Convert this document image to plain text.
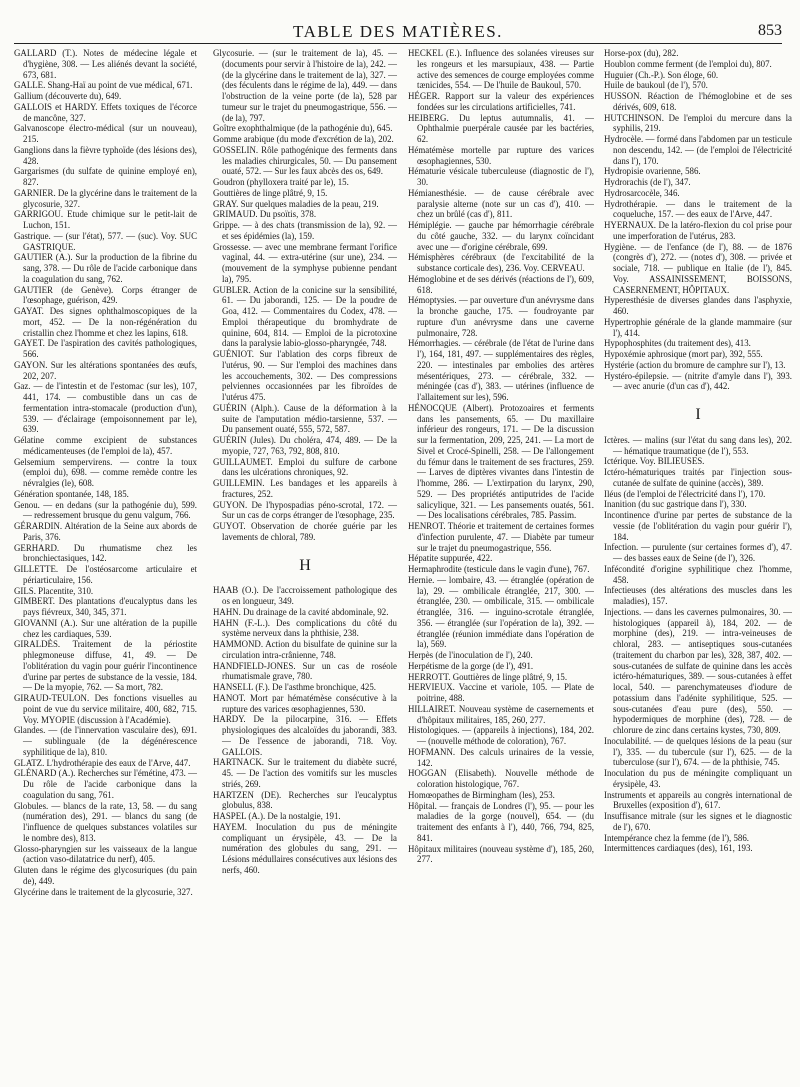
TABLE DES MATIÈRES.	853

GALLARD (T.). Notes de médecine légale et d'hygiène, 308. — Les aliénés devant la société, 673, 681.

GALLE. Shang-Haï au point de vue médical, 671.

Gallium (découverte du), 649.

GALLOIS et HARDY. Effets toxiques de l'écorce de mancône, 327.

Galvanoscope électro-médical (sur un nouveau), 215.

Ganglions dans la fièvre typhoïde (des lésions des), 428.

Gargarismes (du sulfate de quinine employé en), 827.

GARNIER. De la glycérine dans le traitement de la glycosurie, 327.

GARRIGOU. Etude chimique sur le petit-lait de Luchon, 151.

Gastrique. — (sur l'état), 577. — (suc). Voy. SUC GASTRIQUE.

GAUTIER (A.). Sur la production de la fibrine du sang, 378. — Du rôle de l'acide carbonique dans la coagulation du sang, 762.

GAUTIER (de Genève). Corps étranger de l'œsophage, guérison, 429.

GAYAT. Des signes ophthalmoscopiques de la mort, 452. — De la non-régénération du cristallin chez l'homme et chez les lapins, 618.

GAYET. De l'aspiration des cavités pathologiques, 566.

GAYON. Sur les altérations spontanées des œufs, 202, 207.

Gaz. — de l'intestin et de l'estomac (sur les), 107, 441, 174. — combustible dans un cas de fermentation intra-stomacale (production d'un), 539. — d'éclairage (empoisonnement par le), 639.

Gélatine comme excipient de substances médicamenteuses (de l'emploi de la), 457.

Gelsemium sempervirens. — contre la toux (emploi du), 698. — comme remède contre les névralgies (le), 608.

Génération spontanée, 148, 185.

Genou. — en dedans (sur la pathogénie du), 599. — redressement brusque du genu valgum, 766.

GÉRARDIN. Altération de la Seine aux abords de Paris, 376.

GERHARD. Du rhumatisme chez les bronchiectasiques, 142.

GILLETTE. De l'ostéosarcome articulaire et périarticulaire, 156.

GILS. Placentite, 310.

GIMBERT. Des plantations d'eucalyptus dans les pays fiévreux, 340, 345, 371.

GIOVANNI (A.). Sur une altération de la pupille chez les cardiaques, 539.

GIRALDÈS. Traitement de la périostite phlegmoneuse diffuse, 41, 49. — De l'oblitération du vagin pour guérir l'incontinence d'urine par pertes de substance de la vessie, 184. — De la myopie, 762. — Sa mort, 782.

GIRAUD-TEULON. Des fonctions visuelles au point de vue du service militaire, 400, 682, 715. Voy. MYOPIE (discussion à l'Académie).

Glandes. — (de l'innervation vasculaire des), 691. — sublinguale (de la dégénérescence syphilitique de la), 810.

GLATZ. L'hydrothérapie des eaux de l'Arve, 447.

GLÉNARD (A.). Recherches sur l'émétine, 473. — Du rôle de l'acide carbonique dans la coagulation du sang, 761.

Globules. — blancs de la rate, 13, 58. — du sang (numération des), 291. — blancs du sang (de l'influence de quelques substances volatiles sur le nombre des), 813.

Glosso-pharyngien sur les vaisseaux de la langue (action vaso-dilatatrice du nerf), 405.

Gluten dans le régime des glycosuriques (du pain de), 449.

Glycérine dans le traitement de la glycosurie, 327.

Glycosurie. — (sur le traitement de la), 45. — (documents pour servir à l'histoire de la), 242. — (de la glycérine dans le traitement de la), 327. — (des féculents dans le régime de la), 449. — dans l'obstruction de la veine porte (de la), 528 par tumeur sur le trajet du pneumogastrique, 556. — (de la), 797.

Goître exophthalmique (de la pathogénie du), 645.

Gomme arabique (du mode d'excrétion de la), 202.

GOSSELIN. Rôle pathogénique des ferments dans les maladies chirurgicales, 50. — Du pansement ouaté, 572. — Sur les faux abcès des os, 649.

Goudron (phylloxera traité par le), 15.

Gouttières de linge plâtré, 9, 15.

GRAY. Sur quelques maladies de la peau, 219.

GRIMAUD. Du psoïtis, 378.

Grippe. — à des chats (transmission de la), 92. — et ses épidémies (la), 159.

Grossesse. — avec une membrane fermant l'orifice vaginal, 44. — extra-utérine (sur une), 234. — (mouvement de la symphyse pubienne pendant la), 795.

GUBLER. Action de la conicine sur la sensibilité, 61. — Du jaborandi, 125. — De la poudre de Goa, 412. — Commentaires du Codex, 478. — Emploi thérapeutique du bromhydrate de quinine, 604, 814. — Emploi de la picrotoxine dans la paralysie labio-glosso-pharyngée, 748.

GUÉNIOT. Sur l'ablation des corps fibreux de l'utérus, 90. — Sur l'emploi des machines dans les accouchements, 302. — Des compressions pelviennes occasionnées par les fibroïdes de l'utérus 475.

GUÉRIN (Alph.). Cause de la déformation à la suite de l'amputation médio-tarsienne, 537. — Du pansement ouaté, 555, 572, 587.

GUÉRIN (Jules). Du choléra, 474, 489. — De la myopie, 727, 763, 792, 808, 810.

GUILLAUMET. Emploi du sulfure de carbone dans les ulcérations chroniques, 92.

GUILLEMIN. Les bandages et les appareils à fractures, 252.

GUYON. De l'hypospadias péno-scrotal, 172. — Sur un cas de corps étranger de l'œsophage, 235.

GUYOT. Observation de chorée guérie par les lavements de chloral, 789.

H

HAAB (O.). De l'accroissement pathologique des os en longueur, 349.

HAHN. Du drainage de la cavité abdominale, 92.

HAHN (F.-L.). Des complications du côté du système nerveux dans la phthisie, 238.

HAMMOND. Action du bisulfate de quinine sur la circulation intra-crânienne, 748.

HANDFIELD-JONES. Sur un cas de roséole rhumatismale grave, 780.

HANSELL (F.). De l'asthme bronchique, 425.

HANOT. Mort par hématémèse consécutive à la rupture des varices œsophagiennes, 530.

HARDY. De la pilocarpine, 316. — Effets physiologiques des alcaloïdes du jaborandi, 383. — De l'essence de jaborandi, 718. Voy. GALLOIS.

HARTNACK. Sur le traitement du diabète sucré, 45. — De l'action des vomitifs sur les muscles striés, 269.

HARTZEN (DE). Recherches sur l'eucalyptus globulus, 838.

HASPEL (A.). De la nostalgie, 191.

HAYEM. Inoculation du pus de méningite compliquant un érysipèle, 43. — De la numération des globules du sang, 291. — Lésions médullaires consécutives aux lésions des nerfs, 460.

HECKEL (E.). Influence des solanées vireuses sur les rongeurs et les marsupiaux, 438. — Partie active des semences de courge employées comme tænicides, 554. — De l'huile de Baukoul, 570.

HÉGER. Rapport sur la valeur des expériences fondées sur les circulations artificielles, 741.

HEIBERG. Du leptus autumnalis, 41. — Ophthalmie puerpérale causée par les bactéries, 62.

Hématémèse mortelle par rupture des varices œsophagiennes, 530.

Hématurie vésicale tuberculeuse (diagnostic de l'), 30.

Hémianesthésie. — de cause cérébrale avec paralysie alterne (note sur un cas d'), 410. — chez un brûlé (cas d'), 811.

Hémiplégie. — gauche par hémorrhagie cérébrale du côté gauche, 332. — du larynx coïncidant avec une — d'origine cérébrale, 699.

Hémisphères cérébraux (de l'excitabilité de la substance corticale des), 236. Voy. CERVEAU.

Hémoglobine et de ses dérivés (réactions de l'), 609, 618.

Hémoptysies. — par ouverture d'un anévrysme dans la bronche gauche, 175. — foudroyante par rupture d'un anévrysme dans une caverne pulmonaire, 728.

Hémorrhagies. — cérébrale (de l'état de l'urine dans l'), 164, 181, 497. — supplémentaires des règles, 220. — intestinales par embolies des artères mésentériques, 273. — cérébrale, 332. — méningée (cas d'), 383. — utérines (influence de l'allaitement sur les), 596.

HÉNOCQUE (Albert). Protozoaires et ferments dans les pansements, 65. — Du maxillaire inférieur des rongeurs, 171. — De la discussion sur la fermentation, 209, 225, 241. — La mort de Sivel et Crocé-Spinelli, 258. — De l'allongement du fémur dans le traitement de ses fractures, 259. — Larves de diptères vivantes dans l'intestin de l'homme, 286. — L'extirpation du larynx, 290, 529. — Des propriétés antiputrides de l'acide salicylique, 321. — Les pansements ouatés, 561. — Des localisations cérébrales, 785. Passim.

HENROT. Théorie et traitement de certaines formes d'infection purulente, 47. — Diabète par tumeur sur le trajet du pneumogastrique, 556.

Hépatite suppurée, 422.

Hermaphrodite (testicule dans le vagin d'une), 767.

Hernie. — lombaire, 43. — étranglée (opération de la), 29. — ombilicale étranglée, 217, 300. — étranglée, 230. — ombilicale, 315. — ombilicale étranglée, 316. — inguino-scrotale étranglée, 356. — étranglée (sur l'opération de la), 392. — étranglée (réunion immédiate dans l'opération de la), 569.

Herpès (de l'inoculation de l'), 240.

Herpétisme de la gorge (de l'), 491.

HERROTT. Gouttières de linge plâtré, 9, 15.

HERVIEUX. Vaccine et variole, 105. — Plate de poitrine, 488.

HILLAIRET. Nouveau système de casernements et d'hôpitaux militaires, 185, 260, 277.

Histologiques. — (appareils à injections), 184, 202. — (nouvelle méthode de coloration), 767.

HOFMANN. Des calculs urinaires de la vessie, 142.

HOGGAN (Elisabeth). Nouvelle méthode de coloration histologique, 767.

Homœopathes de Birmingham (les), 253.

Hôpital. — français de Londres (l'), 95. — pour les maladies de la gorge (nouvel), 654. — (du traitement des enfants à l'), 440, 766, 794, 825, 841.

Hôpitaux militaires (nouveau système d'), 185, 260, 277.

Horse-pox (du), 282.

Houblon comme ferment (de l'emploi du), 807.

Huguier (Ch.-P.). Son éloge, 60.

Huile de baukoul (de l'), 570.

HUSSON. Réaction de l'hémoglobine et de ses dérivés, 609, 618.

HUTCHINSON. De l'emploi du mercure dans la syphilis, 219.

Hydrocèle. — formé dans l'abdomen par un testicule non descendu, 142. — (de l'emploi de l'électricité dans l'), 170.

Hydropisie ovarienne, 586.

Hydrorachis (de l'), 347.

Hydrosarcocèle, 346.

Hydrothérapie. — dans le traitement de la coqueluche, 157. — des eaux de l'Arve, 447.

HYERNAUX. De la latéro-flexion du col prise pour une imperforation de l'utérus, 283.

Hygiène. — de l'enfance (de l'), 88. — de 1876 (congrès d'), 272. — (notes d'), 308. — privée et sociale, 718. — publique en Italie (de l'), 845. Voy. ASSAINISSEMENT, BOISSONS, CASERNEMENT, HÔPITAUX.

Hyperesthésie de diverses glandes dans l'asphyxie, 460.

Hypertrophie générale de la glande mammaire (sur l'), 414.

Hypophosphites (du traitement des), 413.

Hypoxémie aphrosique (mort par), 392, 555.

Hystérie (action du bromure de camphre sur l'), 13.

Hystéro-épilepsie. — (nitrite d'amyle dans l'), 393. — avec anurie (d'un cas d'), 442.

I

Ictères. — malins (sur l'état du sang dans les), 202. — hématique traumatique (de l'), 553.

Ictérique. Voy. BILIEUSES.

Ictéro-hématuriques traités par l'injection sous-cutanée de sulfate de quinine (accès), 389.

Iléus (de l'emploi de l'électricité dans l'), 170.

Inanition (du suc gastrique dans l'), 330.

Incontinence d'urine par pertes de substance de la vessie (de l'oblitération du vagin pour guérir l'), 184.

Infection. — purulente (sur certaines formes d'), 47. — des basses eaux de Seine (de l'), 326.

Infécondité d'origine syphilitique chez l'homme, 458.

Infectieuses (des altérations des muscles dans les maladies), 157.

Injections. — dans les cavernes pulmonaires, 30. — histologiques (appareil à), 184, 202. — de morphine (des), 219. — intra-veineuses de chloral, 283. — antiseptiques sous-cutanées (traitement du charbon par les), 328, 387, 402. — sous-cutanées de sulfate de quinine dans les accès ictéro-hématuriques, 389. — sous-cutanées à effet local, 540. — parenchymateuses d'iodure de potassium dans l'adénite syphilitique, 525. — sous-cutanées d'eau pure (des), 550. — hypodermiques de morphine (des), 728. — de chlorure de zinc dans certains kystes, 730, 809.

Inoculabilité. — de quelques lésions de la peau (sur l'), 335. — du tubercule (sur l'), 625. — de la tuberculose (sur l'), 674. — de la phthisie, 745.

Inoculation du pus de méningite compliquant un érysipèle, 43.

Instruments et appareils au congrès international de Bruxelles (exposition d'), 617.

Insuffisance mitrale (sur les signes et le diagnostic de l'), 670.

Intempérance chez la femme (de l'), 586.

Intermittences cardiaques (des), 161, 193.
